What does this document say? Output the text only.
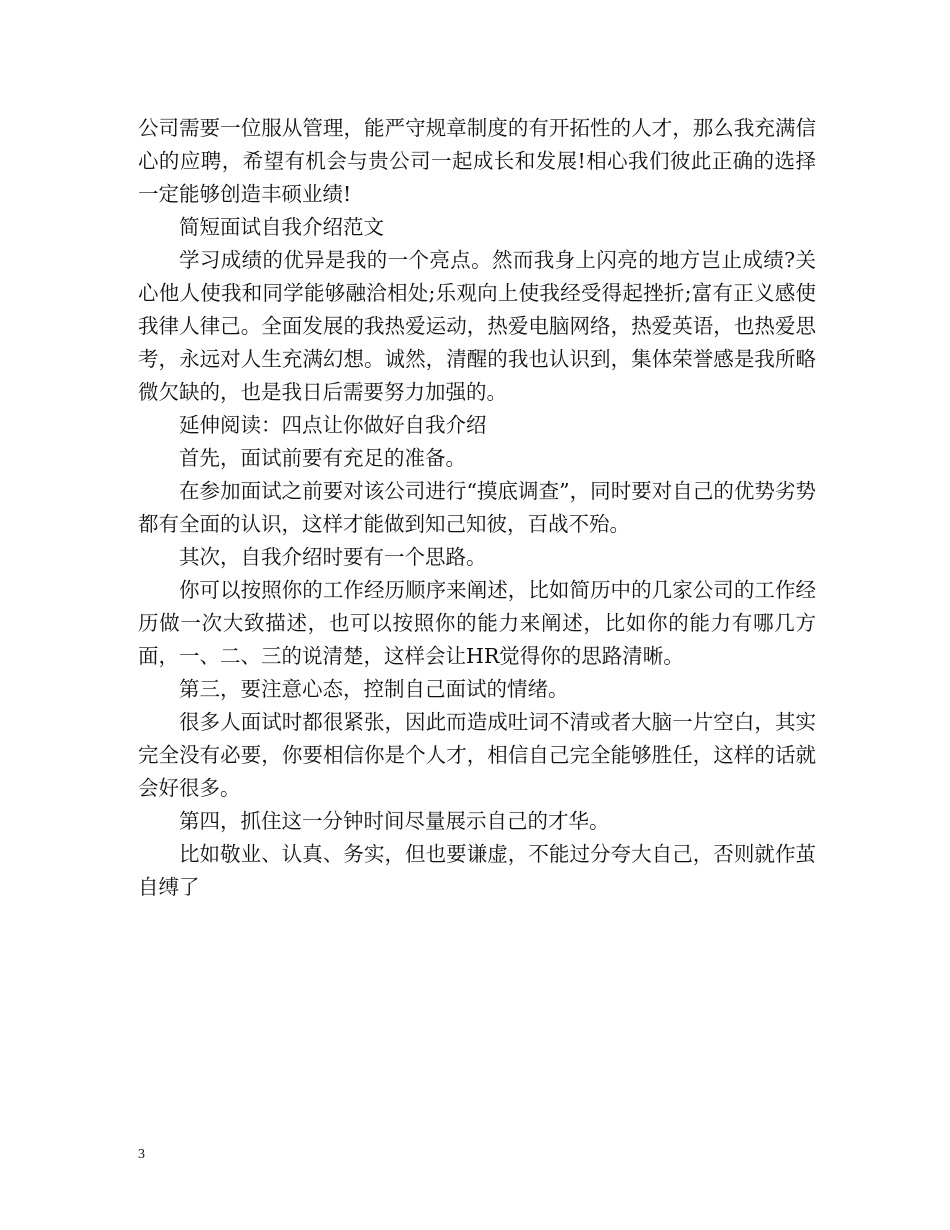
公司需要一位服从管理，能严守规章制度的有开拓性的人才，那么我充满信心的应聘，希望有机会与贵公司一起成长和发展!相心我们彼此正确的选择一定能够创造丰硕业绩!

简短面试自我介绍范文

学习成绩的优异是我的一个亮点。然而我身上闪亮的地方岂止成绩?关心他人使我和同学能够融洽相处;乐观向上使我经受得起挫折;富有正义感使我律人律己。全面发展的我热爱运动，热爱电脑网络，热爱英语，也热爱思考，永远对人生充满幻想。诚然，清醒的我也认识到，集体荣誉感是我所略微欠缺的，也是我日后需要努力加强的。

延伸阅读：四点让你做好自我介绍

首先，面试前要有充足的准备。

在参加面试之前要对该公司进行“摸底调查”，同时要对自己的优势劣势都有全面的认识，这样才能做到知己知彼，百战不殆。

其次，自我介绍时要有一个思路。

你可以按照你的工作经历顺序来阐述，比如简历中的几家公司的工作经历做一次大致描述，也可以按照你的能力来阐述，比如你的能力有哪几方面，一、二、三的说清楚，这样会让HR觉得你的思路清晰。

第三，要注意心态，控制自己面试的情绪。

很多人面试时都很紧张，因此而造成吐词不清或者大脑一片空白，其实完全没有必要，你要相信你是个人才，相信自己完全能够胜任，这样的话就会好很多。

第四，抓住这一分钟时间尽量展示自己的才华。

比如敬业、认真、务实，但也要谦虚，不能过分夸大自己，否则就作茧自缚了

3
